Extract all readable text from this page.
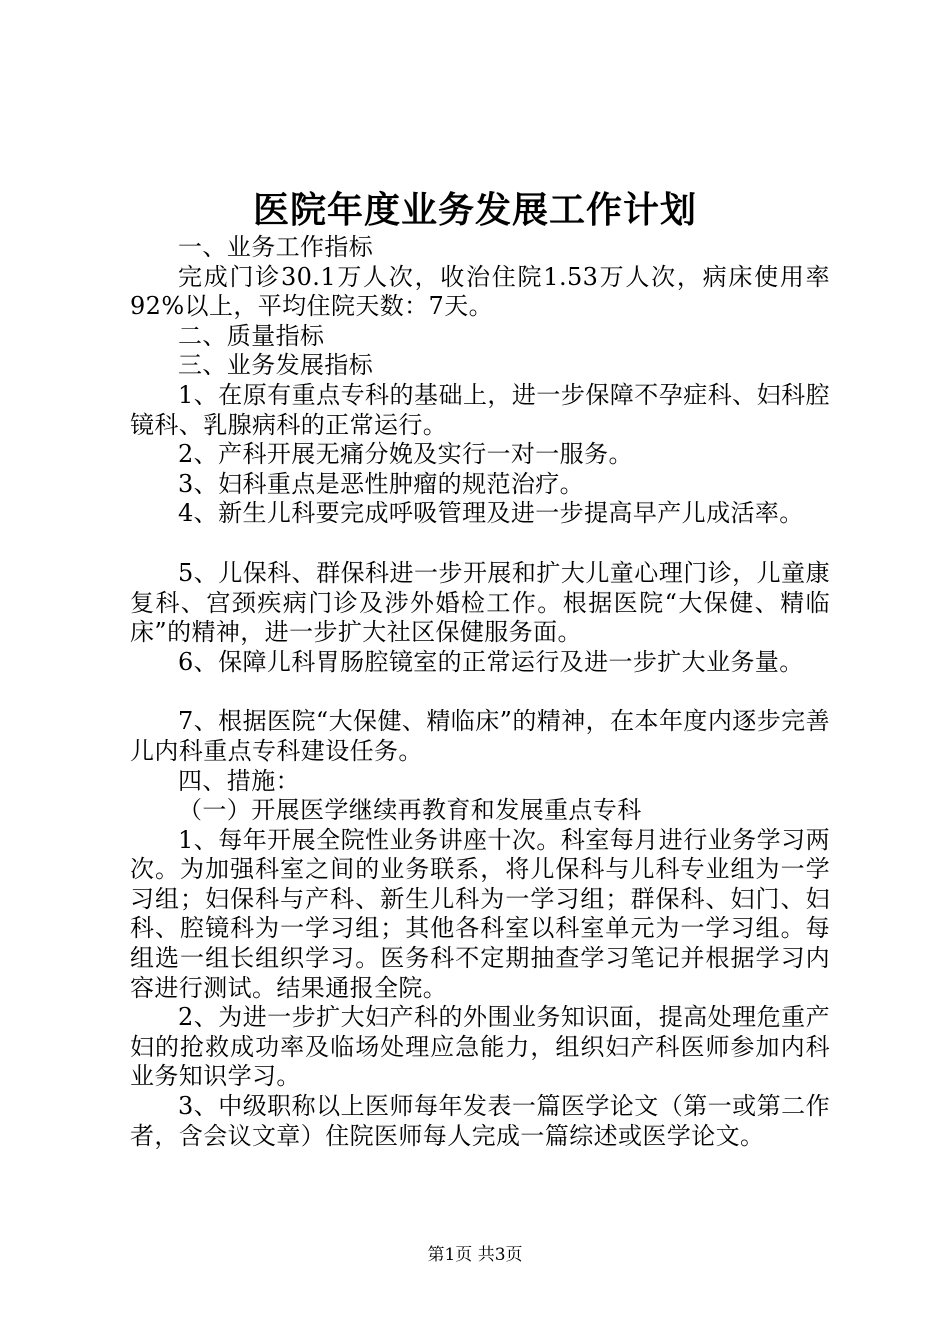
医院年度业务发展工作计划

一、业务工作指标

完成门诊30.1万人次，收治住院1.53万人次，病床使用率92%以上，平均住院天数：7天。

二、质量指标

三、业务发展指标

1、在原有重点专科的基础上，进一步保障不孕症科、妇科腔镜科、乳腺病科的正常运行。

2、产科开展无痛分娩及实行一对一服务。

3、妇科重点是恶性肿瘤的规范治疗。

4、新生儿科要完成呼吸管理及进一步提高早产儿成活率。

5、儿保科、群保科进一步开展和扩大儿童心理门诊，儿童康复科、宫颈疾病门诊及涉外婚检工作。根据医院“大保健、精临床”的精神，进一步扩大社区保健服务面。

6、保障儿科胃肠腔镜室的正常运行及进一步扩大业务量。

7、根据医院“大保健、精临床”的精神，在本年度内逐步完善儿内科重点专科建设任务。

四、措施：

（一）开展医学继续再教育和发展重点专科

1、每年开展全院性业务讲座十次。科室每月进行业务学习两次。为加强科室之间的业务联系，将儿保科与儿科专业组为一学习组；妇保科与产科、新生儿科为一学习组；群保科、妇门、妇科、腔镜科为一学习组；其他各科室以科室单元为一学习组。每组选一组长组织学习。医务科不定期抽查学习笔记并根据学习内容进行测试。结果通报全院。

2、为进一步扩大妇产科的外围业务知识面，提高处理危重产妇的抢救成功率及临场处理应急能力，组织妇产科医师参加内科业务知识学习。

3、中级职称以上医师每年发表一篇医学论文（第一或第二作者，含会议文章）住院医师每人完成一篇综述或医学论文。

第1页 共3页
